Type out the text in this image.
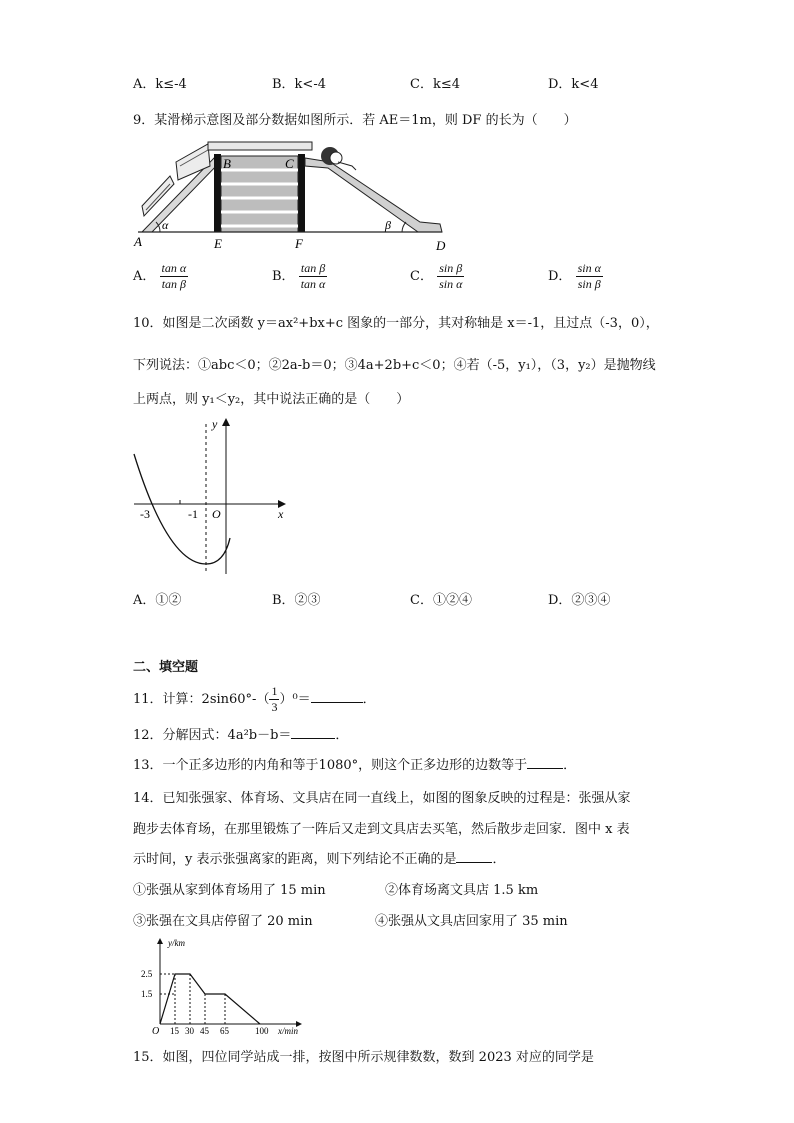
A．k≤-4	B．k<-4	C．k≤4	D．k<4
9．某滑梯示意图及部分数据如图所示．若 AE＝1m，则 DF 的长为（　　）
A	E	F	D
B	C
α	β
A． $\frac{\text{tan α}}{\text{tan β}}$	B． $\frac{\text{tan β}}{\text{tan α}}$	C． $\frac{\text{sin β}}{\text{sin α}}$	D． $\frac{\text{sin α}}{\text{sin β}}$
10．如图是二次函数 y＝ax²+bx+c 图象的一部分，其对称轴是 x＝-1，且过点（-3，0），
下列说法：①abc＜0；②2a-b＝0；③4a+2b+c＜0；④若（-5，y₁），（3，y₂）是抛物线
上两点，则 y₁＜y₂，其中说法正确的是（　　）
y
x
O
-3	-1
A．①②	B．②③	C．①②④	D．②③④
二、填空题
11．计算：$2\sin 60^\circ-( \frac{1}{3} )^0=$	．
12．分解因式：4a²b－b＝	．
13．一个正多边形的内角和等于1080°，则这个正多边形的边数等于	．
14．已知张强家、体育场、文具店在同一直线上，如图的图象反映的过程是：张强从家
跑步去体育场，在那里锻炼了一阵后又走到文具店去买笔，然后散步走回家．图中 x 表
示时间，y 表示张强离家的距离，则下列结论不正确的是	．
①张强从家到体育场用了 15 min	②体育场离文具店 1.5 km
③张强在文具店停留了 20 min	④张强从文具店回家用了 35 min
y/km
x/min
O
2.5
1.5
15 30 45 65	100
15．如图，四位同学站成一排，按图中所示规律数数，数到 2023 对应的同学是
